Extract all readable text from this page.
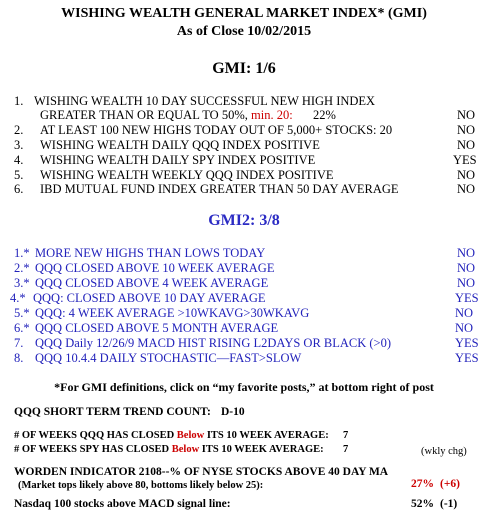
WISHING WEALTH GENERAL MARKET INDEX* (GMI)
As of Close 10/02/2015
GMI: 1/6
1. WISHING WEALTH 10 DAY SUCCESSFUL NEW HIGH INDEX
GREATER THAN OR EQUAL TO 50%, min. 20: 22%	NO
2. AT LEAST 100 NEW HIGHS TODAY OUT OF 5,000+ STOCKS: 20	NO
3. WISHING WEALTH DAILY QQQ INDEX POSITIVE	NO
4. WISHING WEALTH DAILY SPY INDEX POSITIVE	YES
5. WISHING WEALTH WEEKLY QQQ INDEX POSITIVE	NO
6. IBD MUTUAL FUND INDEX GREATER THAN 50 DAY AVERAGE	NO
GMI2: 3/8
1.* MORE NEW HIGHS THAN LOWS TODAY	NO
2.* QQQ CLOSED ABOVE 10 WEEK AVERAGE	NO
3.* QQQ CLOSED ABOVE 4 WEEK AVERAGE	NO
4.* QQQ: CLOSED ABOVE 10 DAY AVERAGE	YES
5.* QQQ: 4 WEEK AVERAGE >10WKAVG>30WKAVG	NO
6.* QQQ CLOSED ABOVE 5 MONTH AVERAGE	NO
7. QQQ Daily 12/26/9 MACD HIST RISING L2DAYS OR BLACK (>0)	YES
8. QQQ 10.4.4 DAILY STOCHASTIC—FAST>SLOW	YES
*For GMI definitions, click on “my favorite posts,” at bottom right of post
QQQ SHORT TERM TREND COUNT: D-10
# OF WEEKS QQQ HAS CLOSED Below ITS 10 WEEK AVERAGE: 7
# OF WEEKS SPY HAS CLOSED Below ITS 10 WEEK AVERAGE: 7	(wkly chg)
WORDEN INDICATOR 2108--% OF NYSE STOCKS ABOVE 40 DAY MA
(Market tops likely above 80, bottoms likely below 25):	27% (+6)
Nasdaq 100 stocks above MACD signal line:	52% (-1)
